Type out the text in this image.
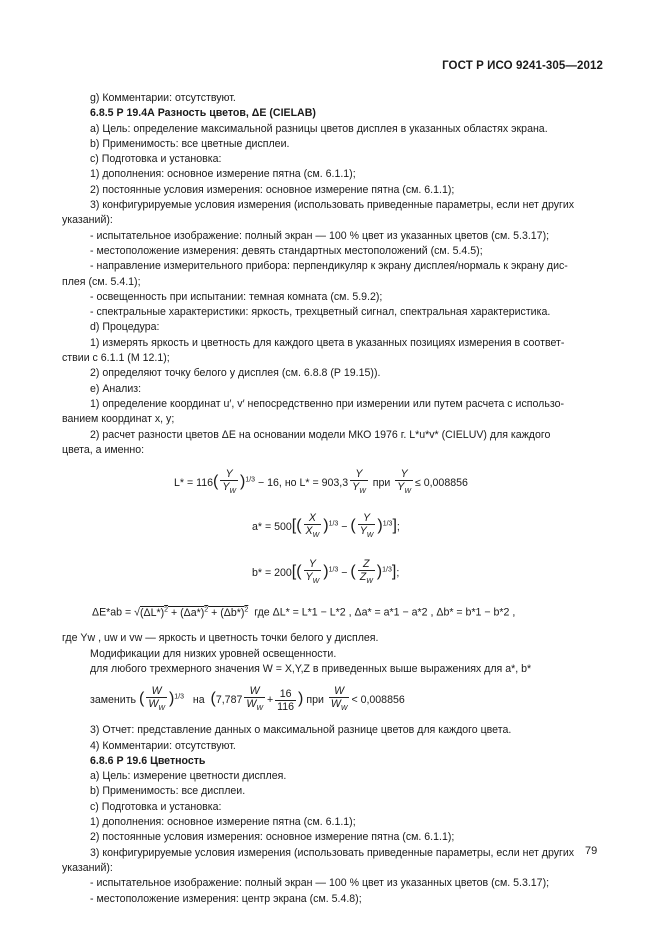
ГОСТ Р ИСО 9241-305—2012

g) Комментарии: отсутствуют.

6.8.5 Р 19.4А Разность цветов, ΔE (CIELAB)

a) Цель: определение максимальной разницы цветов дисплея в указанных областях экрана.

b) Применимость: все цветные дисплеи.

c) Подготовка и установка:

1) дополнения: основное измерение пятна (см. 6.1.1);

2) постоянные условия измерения: основное измерение пятна (см. 6.1.1);

3) конфигурируемые условия измерения (использовать приведенные параметры, если нет других

указаний):

- испытательное изображение: полный экран — 100 % цвет из указанных цветов (см. 5.3.17);

- местоположение измерения: девять стандартных местоположений (см. 5.4.5);

- направление измерительного прибора: перпендикуляр к экрану дисплея/нормаль к экрану дис-

плея (см. 5.4.1);

- освещенность при испытании: темная комната (см. 5.9.2);

- спектральные характеристики: яркость, трехцветный сигнал, спектральная характеристика.

d) Процедура:

1) измерять яркость и цветность для каждого цвета в указанных позициях измерения в соответ-

ствии с 6.1.1 (М 12.1);

2) определяют точку белого у дисплея (см. 6.8.8 (Р 19.15)).

e) Анализ:

1) определение координат u′, v′ непосредственно при измерении или путем расчета с использо-

ванием координат x, y;

2) расчет разности цветов ΔE на основании модели МКО 1976 г. L*u*v* (CIELUV) для каждого

цвета, а именно:

$L* = 116( \frac{Y}{Y_W} )^{1/3} - 16$, но $L* = 903,3 \frac{Y}{Y_W}$ при $\frac{Y}{Y_W} \le 0,008856$
$a* = 500[( \frac{X}{X_W} )^{1/3}$ − ( $\frac{Y}{Y_W} )^{1/3}$];
$b* = 200[( \frac{Y}{Y_W} )^{1/3}$ − ( $\frac{Z}{Z_W} )^{1/3}$];
$\Delta E*ab = √(\Delta L*)^2 + (\Delta a*)^2 + (\Delta b*)^2$ где ΔL* = L*1 − L*2 , Δa* = a*1 − a*2 , Δb* = b*1 − b*2 ,

где Yw , uw и vw — яркость и цветность точки белого у дисплея.

Модификации для низких уровней освещенности.

для любого трехмерного значения W = X,Y,Z в приведенных выше выражениях для a*, b*

заменить ( $\frac{W}{W_W} )^{1/3}$ на ($7,787 \frac{W}{W_W} + \frac{16}{116}$ ) при $\frac{W}{W_W} < 0,008856$

3) Отчет: представление данных о максимальной разнице цветов для каждого цвета.

4) Комментарии: отсутствуют.

6.8.6 Р 19.6 Цветность

a) Цель: измерение цветности дисплея.

b) Применимость: все дисплеи.

c) Подготовка и установка:

1) дополнения: основное измерение пятна (см. 6.1.1);

2) постоянные условия измерения: основное измерение пятна (см. 6.1.1);

3) конфигурируемые условия измерения (использовать приведенные параметры, если нет других

указаний):

- испытательное изображение: полный экран — 100 % цвет из указанных цветов (см. 5.3.17);

- местоположение измерения: центр экрана (см. 5.4.8);

79
